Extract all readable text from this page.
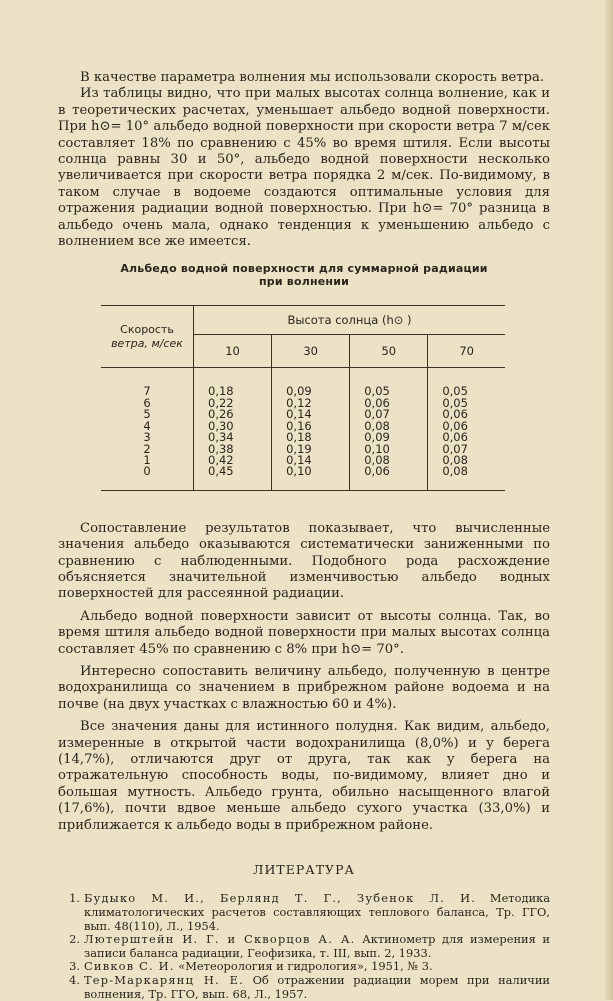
В качестве параметра волнения мы использовали скорость ветра.

Из таблицы видно, что при малых высотах солнца волнение, как и в теоретических расчетах, уменьшает альбедо водной поверхности. При h⊙= 10° альбедо водной поверхности при скорости ветра 7 м/сек составляет 18% по сравнению с 45% во время штиля. Если высоты солнца равны 30 и 50°, альбедо водной поверхности несколько увеличивается при скорости ветра порядка 2 м/сек. По-видимому, в таком случае в водоеме создаются оптимальные условия для отражения радиации водной поверхностью. При h⊙= 70° разница в альбедо очень мала, однако тенденция к уменьшению альбедо с волнением все же имеется.

Альбедо водной поверхности для суммарной радиации
при волнении
Скорость
ветра, м/сек	Высота солнца (h⊙ )			
	10	30	50	70
7	0,18	0,09	0,05	0,05
6	0,22	0,12	0,06	0,05
5	0,26	0,14	0,07	0,06
4	0,30	0,16	0,08	0,06
3	0,34	0,18	0,09	0,06
2	0,38	0,19	0,10	0,07
1	0,42	0,14	0,08	0,08
0	0,45	0,10	0,06	0,08

Сопоставление результатов показывает, что вычисленные значения альбедо оказываются систематически заниженными по сравнению с наблюденными. Подобного рода расхождение объясняется значительной изменчивостью альбедо водных поверхностей для рассеянной радиации.

Альбедо водной поверхности зависит от высоты солнца. Так, во время штиля альбедо водной поверхности при малых высотах солнца составляет 45% по сравнению с 8% при h⊙= 70°.

Интересно сопоставить величину альбедо, полученную в центре водохранилища со значением в прибрежном районе водоема и на почве (на двух участках с влажностью 60 и 4%).

Все значения даны для истинного полудня. Как видим, альбедо, измеренные в открытой части водохранилища (8,0%) и у берега (14,7%), отличаются друг от друга, так как у берега на отражательную способность воды, по-видимому, влияет дно и большая мутность. Альбедо грунта, обильно насыщенного влагой (17,6%), почти вдвое меньше альбедо сухого участка (33,0%) и приближается к альбедо воды в прибрежном районе.

ЛИТЕРАТУРА
1. Будыко М. И., Берлянд Т. Г., Зубенок Л. И. Методика климатологических расчетов составляющих теплового баланса, Тр. ГГО, вып. 48(110), Л., 1954.
2. Лютерштейн И. Г. и Скворцов А. А. Актинометр для измерения и записи баланса радиации, Геофизика, т. III, вып. 2, 1933.
3. Сивков С. И. «Метеорология и гидрология», 1951, № 3.
4. Тер-Маркарянц Н. Е. Об отражении радиации морем при наличии волнения, Тр. ГГО, вып. 68, Л., 1957.
